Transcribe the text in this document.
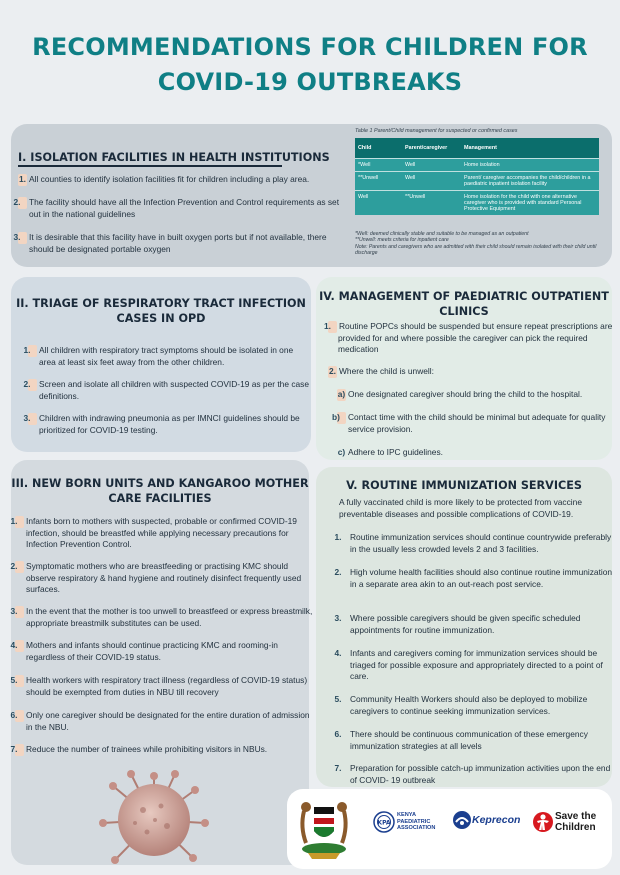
RECOMMENDATIONS FOR CHILDREN FOR
COVID-19 OUTBREAKS
I. ISOLATION FACILITIES IN HEALTH INSTITUTIONS
1. All counties to identify isolation facilities fit for children including a play area.
2. The facility should have all the Infection Prevention and Control requirements as set out in the national guidelines
3. It is desirable that this facility have in built oxygen ports but if not available, there should be designated portable oxygen
Table 1 Parent/Child management for suspected or confirmed cases
Child	Parent/caregiver	Management
*Well	Well	Home isolation
**Unwell	Well	Parent/ caregiver accompanies the child/children in a paediatric inpatient isolation facility
Well	**Unwell	Home isolation for the child with one alternative caregiver who is provided with standard Personal Protective Equipment
*Well: deemed clinically stable and suitable to be managed as an outpatient
**Unwell: meets criteria for inpatient care
Note: Parents and caregivers who are admitted with their child should remain isolated with their child until discharge
II. TRIAGE OF RESPIRATORY TRACT INFECTION
CASES IN OPD
1. All children with respiratory tract symptoms should be isolated in one area at least six feet away from the other children.
2. Screen and isolate all children with suspected COVID-19 as per the case definitions.
3. Children with indrawing pneumonia as per IMNCI guidelines should be prioritized for COVID-19 testing.
III. NEW BORN UNITS AND KANGAROO MOTHER
CARE FACILITIES
1. Infants born to mothers with suspected, probable or confirmed COVID-19 infection, should be breastfed while applying necessary precautions for Infection Prevention Control.
2. Symptomatic mothers who are breastfeeding or practising KMC should observe respiratory & hand hygiene and routinely disinfect frequently used surfaces.
3. In the event that the mother is too unwell to breastfeed or express breastmilk, appropriate breastmilk substitutes can be used.
4. Mothers and infants should continue practicing KMC and rooming-in regardless of their COVID-19 status.
5. Health workers with respiratory tract illness (regardless of COVID-19 status) should be exempted from duties in NBU till recovery
6. Only one caregiver should be designated for the entire duration of admission in the NBU.
7. Reduce the number of trainees while prohibiting visitors in NBUs.
IV. MANAGEMENT OF PAEDIATRIC OUTPATIENT
CLINICS
1. Routine POPCs should be suspended but ensure repeat prescriptions are provided for and where possible the caregiver can pick the required medication
2. Where the child is unwell:
a) One designated caregiver should bring the child to the hospital.
b) Contact time with the child should be minimal but adequate for quality service provision.
c) Adhere to IPC guidelines.
V. ROUTINE IMMUNIZATION SERVICES
A fully vaccinated child is more likely to be protected from vaccine preventable diseases and possible complications of COVID-19.
1. Routine immunization services should continue countrywide preferably in the usually less crowded levels 2 and 3 facilities.
2. High volume health facilities should also continue routine immunization in a separate area akin to an out-reach post service.
3. Where possible caregivers should be given specific scheduled appointments for routine immunization.
4. Infants and caregivers coming for immunization services should be triaged for possible exposure and appropriately directed to a point of care.
5. Community Health Workers should also be deployed to mobilize caregivers to continue seeking immunization services.
6. There should be continuous communication of these emergency immunization strategies at all levels
7. Preparation for possible catch-up immunization activities upon the end of COVID- 19 outbreak
KPA
KENYA
PAEDIATRIC
ASSOCIATION
Keprecon	Save the
Children
